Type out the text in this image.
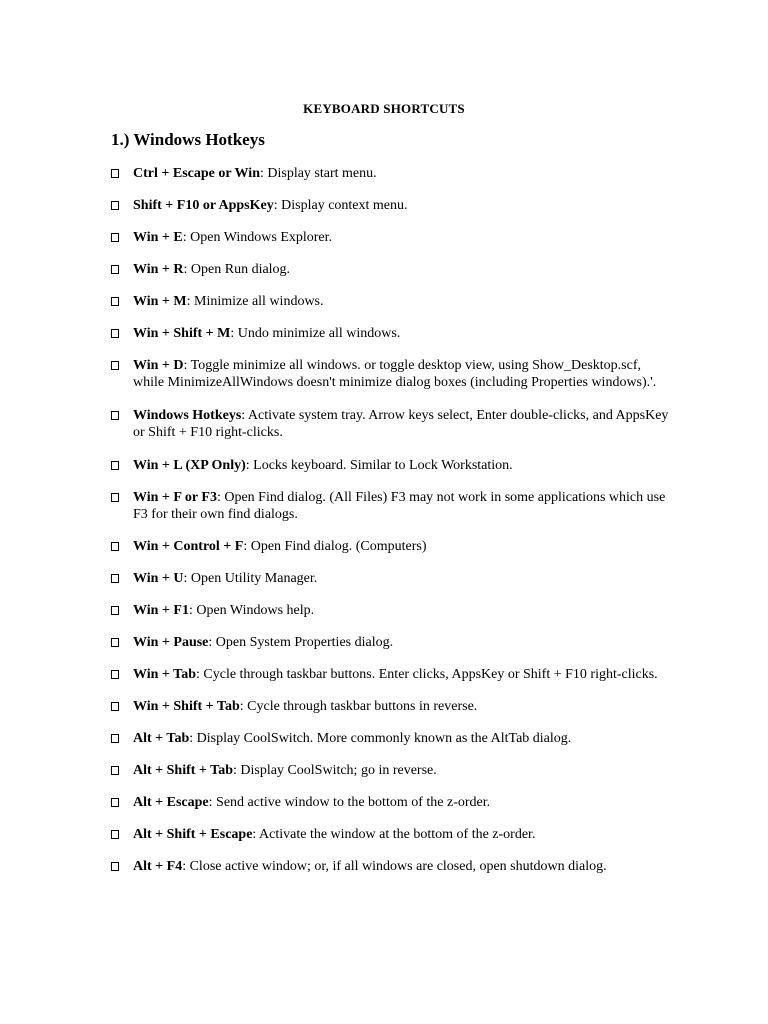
KEYBOARD SHORTCUTS
1.) Windows Hotkeys
Ctrl + Escape or Win: Display start menu.
Shift + F10 or AppsKey: Display context menu.
Win + E: Open Windows Explorer.
Win + R: Open Run dialog.
Win + M: Minimize all windows.
Win + Shift + M: Undo minimize all windows.
Win + D: Toggle minimize all windows. or toggle desktop view, using Show_Desktop.scf, while MinimizeAllWindows doesn't minimize dialog boxes (including Properties windows).'.
Windows Hotkeys: Activate system tray. Arrow keys select, Enter double-clicks, and AppsKey or Shift + F10 right-clicks.
Win + L (XP Only): Locks keyboard. Similar to Lock Workstation.
Win + F or F3: Open Find dialog. (All Files) F3 may not work in some applications which use F3 for their own find dialogs.
Win + Control + F: Open Find dialog. (Computers)
Win + U: Open Utility Manager.
Win + F1: Open Windows help.
Win + Pause: Open System Properties dialog.
Win + Tab: Cycle through taskbar buttons. Enter clicks, AppsKey or Shift + F10 right-clicks.
Win + Shift + Tab: Cycle through taskbar buttons in reverse.
Alt + Tab: Display CoolSwitch. More commonly known as the AltTab dialog.
Alt + Shift + Tab: Display CoolSwitch; go in reverse.
Alt + Escape: Send active window to the bottom of the z-order.
Alt + Shift + Escape: Activate the window at the bottom of the z-order.
Alt + F4: Close active window; or, if all windows are closed, open shutdown dialog.
